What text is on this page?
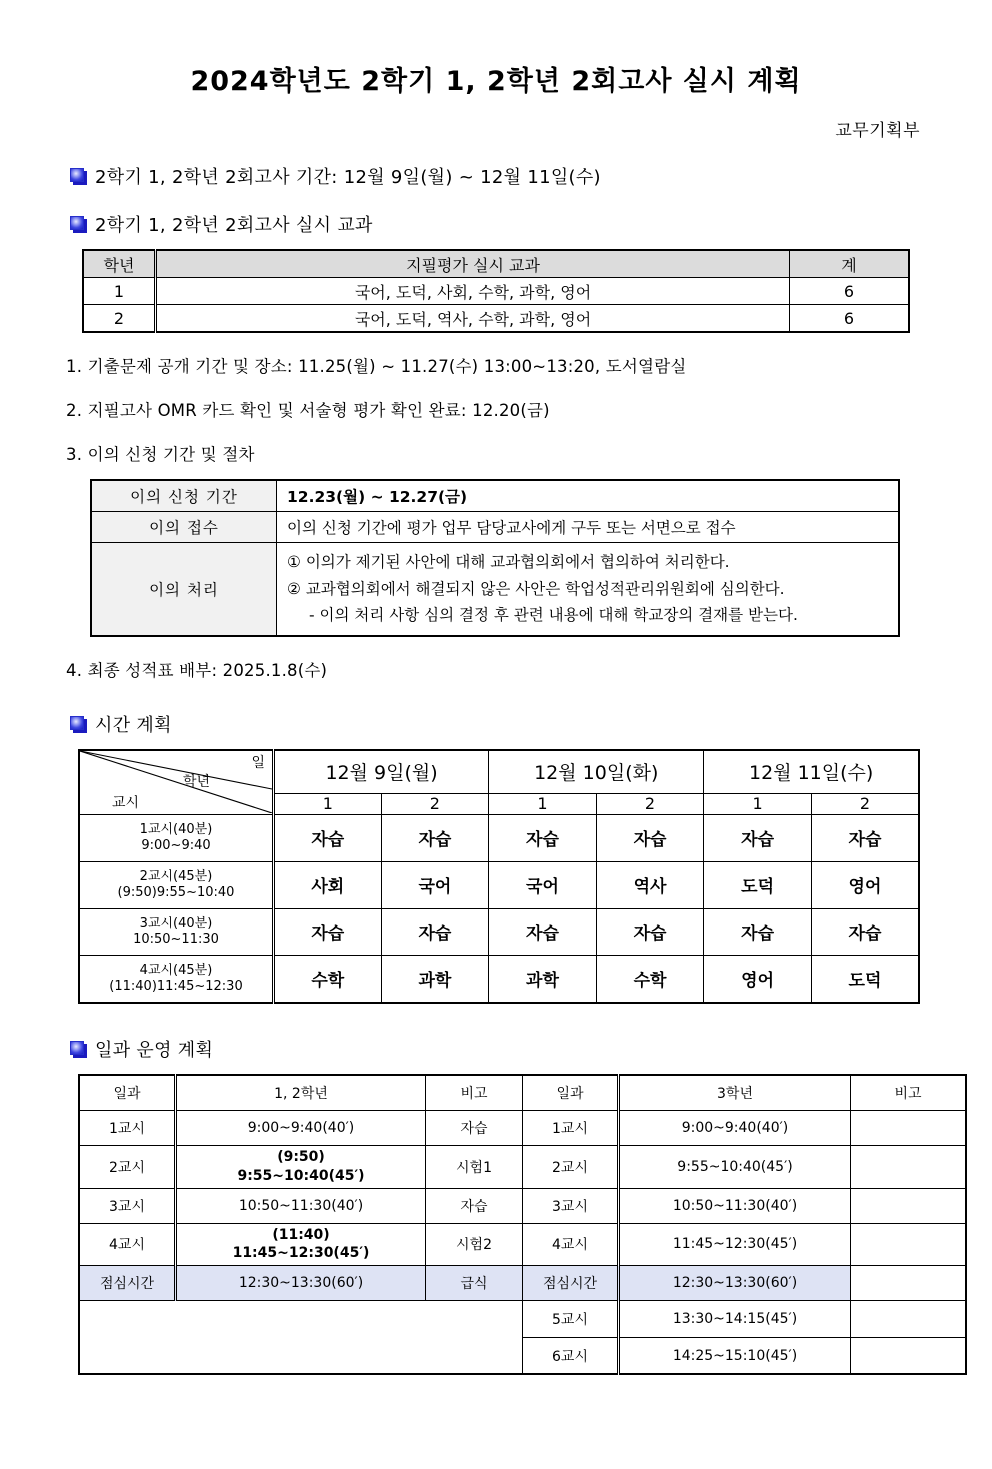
2024학년도 2학기 1, 2학년 2회고사 실시 계획
교무기획부
2학기 1, 2학년 2회고사 기간: 12월 9일(월) ~ 12월 11일(수)
2학기 1, 2학년 2회고사 실시 교과
학년	지필평가 실시 교과	계
1	국어, 도덕, 사회, 수학, 과학, 영어	6
2	국어, 도덕, 역사, 수학, 과학, 영어	6
1. 기출문제 공개 기간 및 장소: 11.25(월) ~ 11.27(수) 13:00~13:20, 도서열람실
2. 지필고사 OMR 카드 확인 및 서술형 평가 확인 완료: 12.20(금)
3. 이의 신청 기간 및 절차
이의 신청 기간	12.23(월) ~ 12.27(금)
이의 접수	이의 신청 기간에 평가 업무 담당교사에게 구두 또는 서면으로 접수
이의 처리	① 이의가 제기된 사안에 대해 교과협의회에서 협의하여 처리한다.

② 교과협의회에서 해결되지 않은 사안은 학업성적관리위원회에 심의한다.

- 이의 처리 사항 심의 결정 후 관련 내용에 대해 학교장의 결재를 받는다.

4. 최종 성적표 배부: 2025.1.8(수)
시간 계획
일
학년
교시	12월 9일(월)		12월 10일(화)		12월 11일(수)	
	1	2	1	2	1	2

1교시(40분)
9:00~9:40	자습	자습	자습	자습	자습	자습

2교시(45분)
(9:50)9:55~10:40	사회	국어	국어	역사	도덕	영어

3교시(40분)
10:50~11:30	자습	자습	자습	자습	자습	자습

4교시(45분)
(11:40)11:45~12:30	수학	과학	과학	수학	영어	도덕
일과 운영 계획
일과	1, 2학년	비고	일과	3학년	비고
1교시	9:00~9:40(40′)	자습	1교시	9:00~9:40(40′)	
2교시	(9:50)
9:55~10:40(45′)	시험1	2교시	9:55~10:40(45′)	
3교시	10:50~11:30(40′)	자습	3교시	10:50~11:30(40′)	
4교시	(11:40)
11:45~12:30(45′)	시험2	4교시	11:45~12:30(45′)	
점심시간	12:30~13:30(60′)	급식	점심시간	12:30~13:30(60′)	
			5교시	13:30~14:15(45′)	
			6교시	14:25~15:10(45′)	
